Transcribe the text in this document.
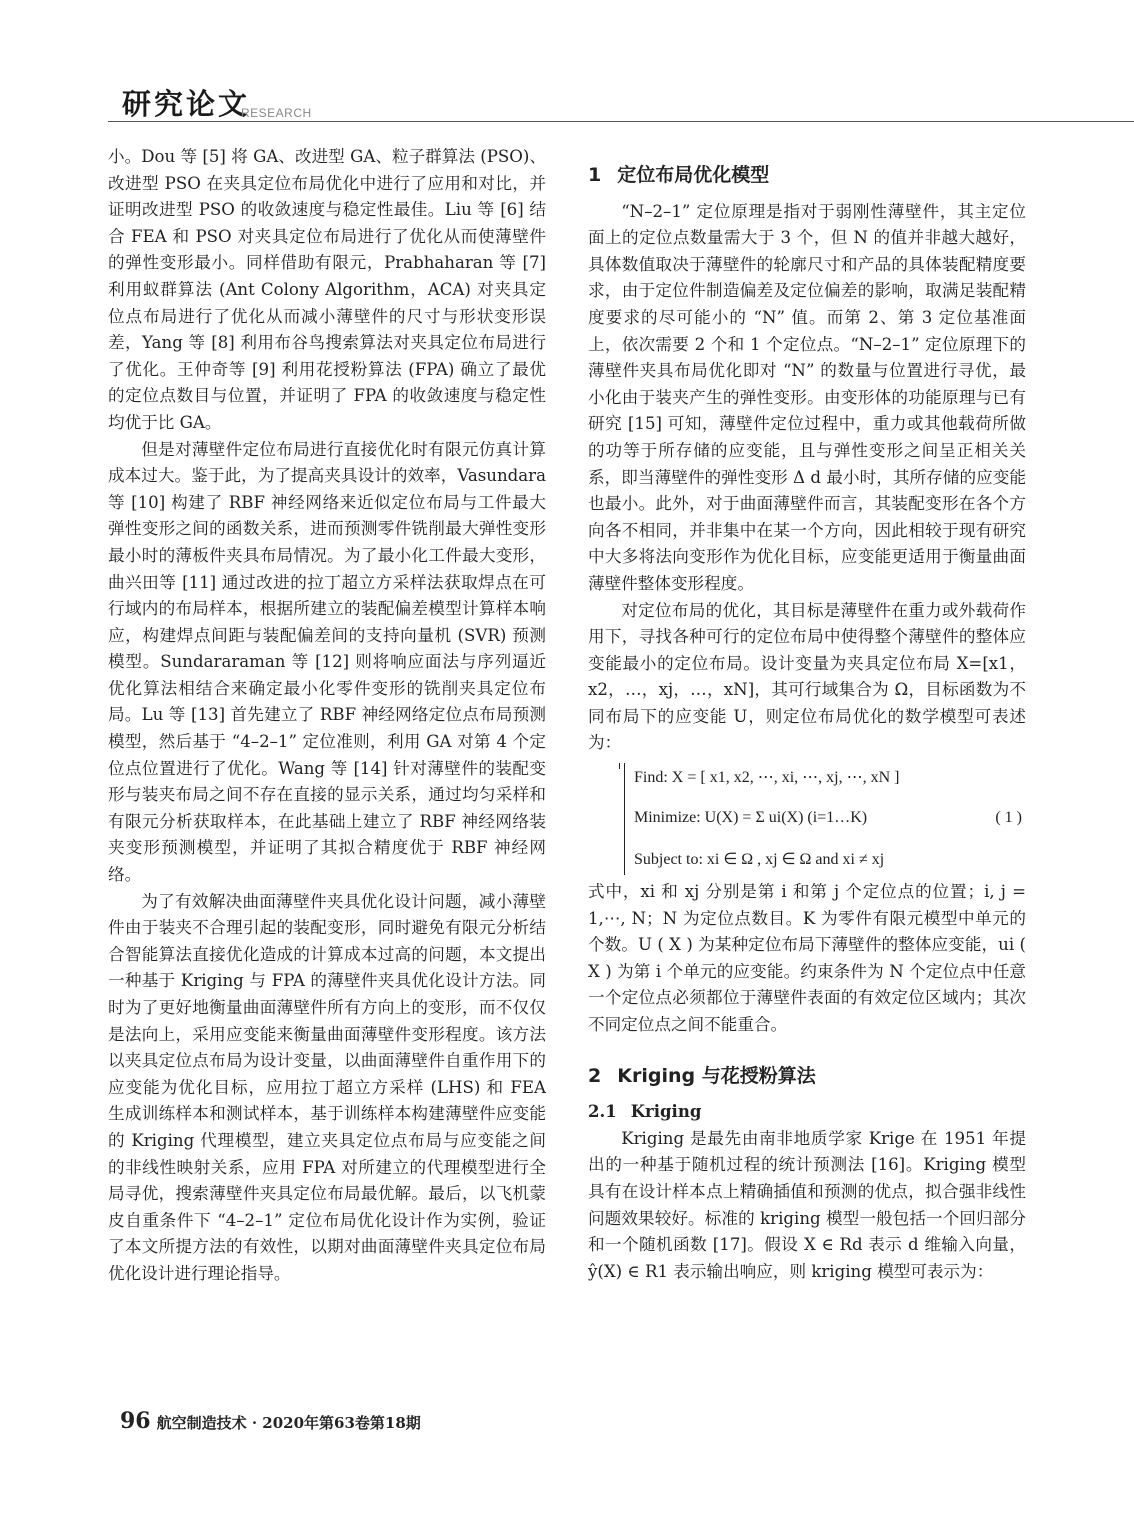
研究论文
RESEARCH

小。Dou 等 [5] 将 GA、改进型 GA、粒子群算法 (PSO)、改进型 PSO 在夹具定位布局优化中进行了应用和对比，并证明改进型 PSO 的收敛速度与稳定性最佳。Liu 等 [6] 结合 FEA 和 PSO 对夹具定位布局进行了优化从而使薄壁件的弹性变形最小。同样借助有限元，Prabhaharan 等 [7] 利用蚁群算法 (Ant Colony Algorithm，ACA) 对夹具定位点布局进行了优化从而减小薄壁件的尺寸与形状变形误差，Yang 等 [8] 利用布谷鸟搜索算法对夹具定位布局进行了优化。王仲奇等 [9] 利用花授粉算法 (FPA) 确立了最优的定位点数目与位置，并证明了 FPA 的收敛速度与稳定性均优于比 GA。

但是对薄壁件定位布局进行直接优化时有限元仿真计算成本过大。鉴于此，为了提高夹具设计的效率，Vasundara 等 [10] 构建了 RBF 神经网络来近似定位布局与工件最大弹性变形之间的函数关系，进而预测零件铣削最大弹性变形最小时的薄板件夹具布局情况。为了最小化工件最大变形，曲兴田等 [11] 通过改进的拉丁超立方采样法获取焊点在可行域内的布局样本，根据所建立的装配偏差模型计算样本响应，构建焊点间距与装配偏差间的支持向量机 (SVR) 预测模型。Sundararaman 等 [12] 则将响应面法与序列逼近优化算法相结合来确定最小化零件变形的铣削夹具定位布局。Lu 等 [13] 首先建立了 RBF 神经网络定位点布局预测模型，然后基于 “4–2–1” 定位准则，利用 GA 对第 4 个定位点位置进行了优化。Wang 等 [14] 针对薄壁件的装配变形与装夹布局之间不存在直接的显示关系，通过均匀采样和有限元分析获取样本，在此基础上建立了 RBF 神经网络装夹变形预测模型，并证明了其拟合精度优于 RBF 神经网络。

为了有效解决曲面薄壁件夹具优化设计问题，减小薄壁件由于装夹不合理引起的装配变形，同时避免有限元分析结合智能算法直接优化造成的计算成本过高的问题，本文提出一种基于 Kriging 与 FPA 的薄壁件夹具优化设计方法。同时为了更好地衡量曲面薄壁件所有方向上的变形，而不仅仅是法向上，采用应变能来衡量曲面薄壁件变形程度。该方法以夹具定位点布局为设计变量，以曲面薄壁件自重作用下的应变能为优化目标，应用拉丁超立方采样 (LHS) 和 FEA 生成训练样本和测试样本，基于训练样本构建薄壁件应变能的 Kriging 代理模型，建立夹具定位点布局与应变能之间的非线性映射关系，应用 FPA 对所建立的代理模型进行全局寻优，搜索薄壁件夹具定位布局最优解。最后，以飞机蒙皮自重条件下 “4–2–1” 定位布局优化设计作为实例，验证了本文所提方法的有效性，以期对曲面薄壁件夹具定位布局优化设计进行理论指导。

1 定位布局优化模型

“N–2–1” 定位原理是指对于弱刚性薄壁件，其主定位面上的定位点数量需大于 3 个，但 N 的值并非越大越好，具体数值取决于薄壁件的轮廓尺寸和产品的具体装配精度要求，由于定位件制造偏差及定位偏差的影响，取满足装配精度要求的尽可能小的 “N” 值。而第 2、第 3 定位基准面上，依次需要 2 个和 1 个定位点。“N–2–1” 定位原理下的薄壁件夹具布局优化即对 “N” 的数量与位置进行寻优，最小化由于装夹产生的弹性变形。由变形体的功能原理与已有研究 [15] 可知，薄壁件定位过程中，重力或其他载荷所做的功等于所存储的应变能，且与弹性变形之间呈正相关关系，即当薄壁件的弹性变形 Δ d 最小时，其所存储的应变能也最小。此外，对于曲面薄壁件而言，其装配变形在各个方向各不相同，并非集中在某一个方向，因此相较于现有研究中大多将法向变形作为优化目标，应变能更适用于衡量曲面薄壁件整体变形程度。

对定位布局的优化，其目标是薄壁件在重力或外载荷作用下，寻找各种可行的定位布局中使得整个薄壁件的整体应变能最小的定位布局。设计变量为夹具定位布局 X=[x1，x2，…，xj，…，xN]，其可行域集合为 Ω，目标函数为不同布局下的应变能 U，则定位布局优化的数学模型可表述为：

Find: X = [ x1, x2, ⋯, xi, ⋯, xj, ⋯, xN ]
Minimize: U(X) = Σ ui(X) (i=1…K)
Subject to: xi ∈ Ω , xj ∈ Ω and xi ≠ xj
( 1 )

式中，xi 和 xj 分别是第 i 和第 j 个定位点的位置；i, j = 1,⋯, N；N 为定位点数目。K 为零件有限元模型中单元的个数。U ( X ) 为某种定位布局下薄壁件的整体应变能，ui ( X ) 为第 i 个单元的应变能。约束条件为 N 个定位点中任意一个定位点必须都位于薄壁件表面的有效定位区域内；其次不同定位点之间不能重合。

2 Kriging 与花授粉算法
2.1 Kriging

Kriging 是最先由南非地质学家 Krige 在 1951 年提出的一种基于随机过程的统计预测法 [16]。Kriging 模型具有在设计样本点上精确插值和预测的优点，拟合强非线性问题效果较好。标准的 kriging 模型一般包括一个回归部分和一个随机函数 [17]。假设 X ∈ Rd 表示 d 维输入向量，ŷ(X) ∈ R1 表示输出响应，则 kriging 模型可表示为：

96 航空制造技术 · 2020年第63卷第18期
